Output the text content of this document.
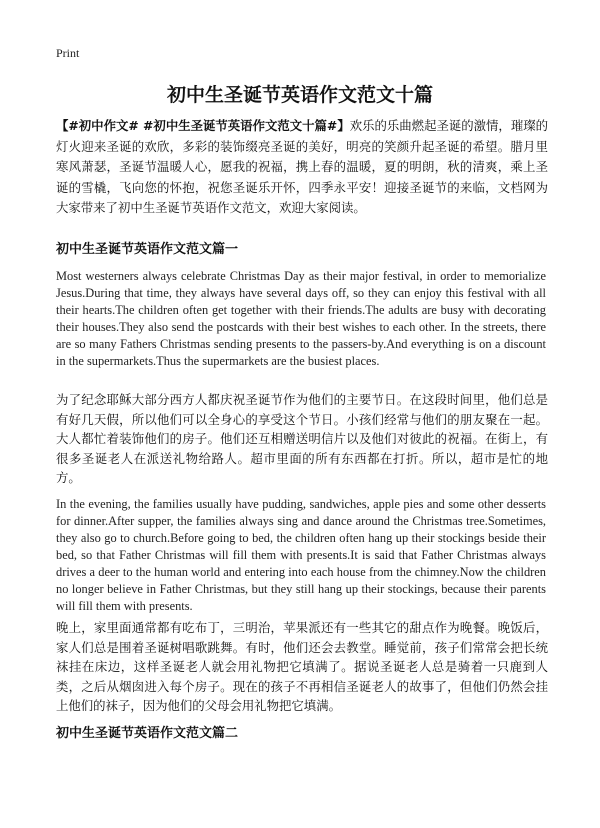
Print
初中生圣诞节英语作文范文十篇
【#初中作文# #初中生圣诞节英语作文范文十篇#】欢乐的乐曲燃起圣诞的激情，璀璨的灯火迎来圣诞的欢欣，多彩的装饰缀亮圣诞的美好，明亮的笑颜升起圣诞的希望。腊月里寒风萧瑟，圣诞节温暖人心，愿我的祝福，携上春的温暖，夏的明朗，秋的清爽，乘上圣诞的雪橇，飞向您的怀抱，祝您圣诞乐开怀，四季永平安！迎接圣诞节的来临，文档网为大家带来了初中生圣诞节英语作文范文，欢迎大家阅读。
初中生圣诞节英语作文范文篇一
Most westerners always celebrate Christmas Day as their major festival, in order to memorialize Jesus.During that time, they always have several days off, so they can enjoy this festival with all their hearts.The children often get together with their friends.The adults are busy with decorating their houses.They also send the postcards with their best wishes to each other. In the streets, there are so many Fathers Christmas sending presents to the passers-by.And everything is on a discount in the supermarkets.Thus the supermarkets are the busiest places.
为了纪念耶稣大部分西方人都庆祝圣诞节作为他们的主要节日。在这段时间里，他们总是有好几天假，所以他们可以全身心的享受这个节日。小孩们经常与他们的朋友聚在一起。大人都忙着装饰他们的房子。他们还互相赠送明信片以及他们对彼此的祝福。在街上，有很多圣诞老人在派送礼物给路人。超市里面的所有东西都在打折。所以，超市是忙的地方。
In the evening, the families usually have pudding, sandwiches, apple pies and some other desserts for dinner.After supper, the families always sing and dance around the Christmas tree.Sometimes, they also go to church.Before going to bed, the children often hang up their stockings beside their bed, so that Father Christmas will fill them with presents.It is said that Father Christmas always drives a deer to the human world and entering into each house from the chimney.Now the children no longer believe in Father Christmas, but they still hang up their stockings, because their parents will fill them with presents.
晚上，家里面通常都有吃布丁，三明治，苹果派还有一些其它的甜点作为晚餐。晚饭后，家人们总是围着圣诞树唱歌跳舞。有时，他们还会去教堂。睡觉前，孩子们常常会把长统袜挂在床边，这样圣诞老人就会用礼物把它填满了。据说圣诞老人总是骑着一只鹿到人类，之后从烟囱进入每个房子。现在的孩子不再相信圣诞老人的故事了，但他们仍然会挂上他们的袜子，因为他们的父母会用礼物把它填满。
初中生圣诞节英语作文范文篇二
